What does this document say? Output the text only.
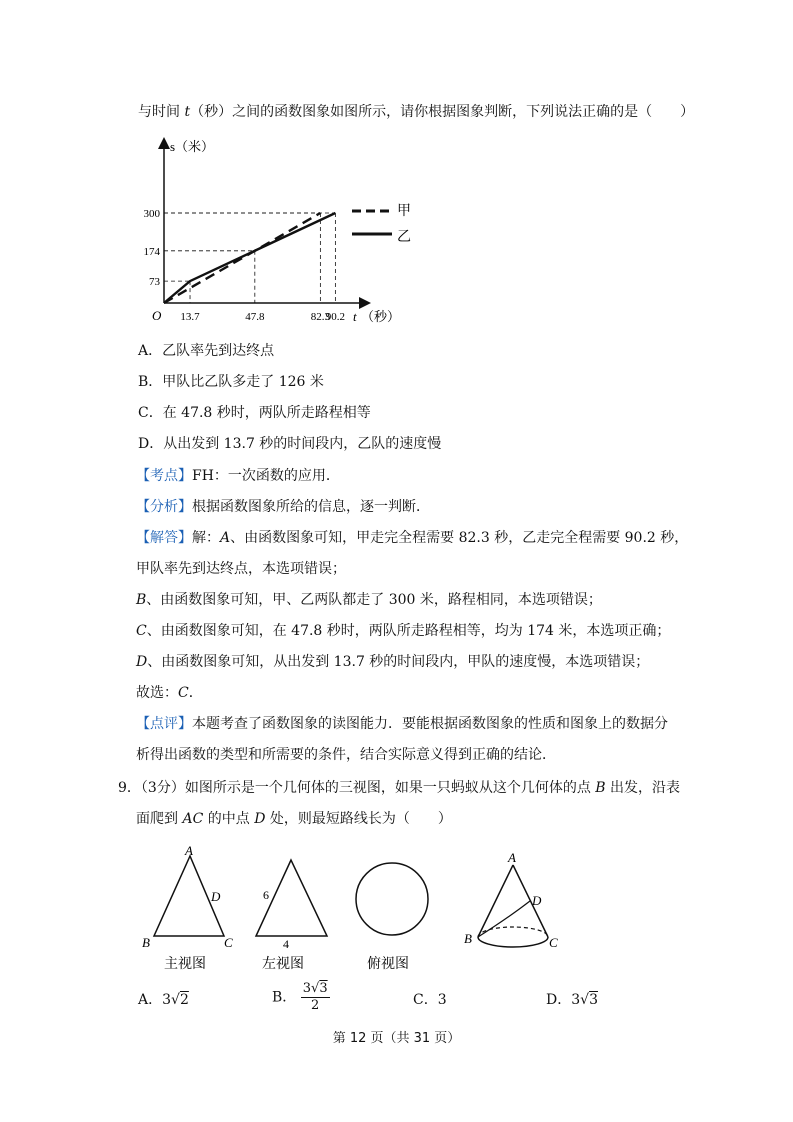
与时间 t（秒）之间的函数图象如图所示，请你根据图象判断，下列说法正确的是（　　）
13.7	47.8	82.3
90.2
300
174
73
s（米）
O	t （秒）
甲
乙
A．乙队率先到达终点
B．甲队比乙队多走了 126 米
C．在 47.8 秒时，两队所走路程相等
D．从出发到 13.7 秒的时间段内，乙队的速度慢
【考点】FH：一次函数的应用．
【分析】根据函数图象所给的信息，逐一判断．
【解答】解：A、由函数图象可知，甲走完全程需要 82.3 秒，乙走完全程需要 90.2 秒，
甲队率先到达终点，本选项错误；
B、由函数图象可知，甲、乙两队都走了 300 米，路程相同，本选项错误；
C、由函数图象可知，在 47.8 秒时，两队所走路程相等，均为 174 米，本选项正确；
D、由函数图象可知，从出发到 13.7 秒的时间段内，甲队的速度慢，本选项错误；
故选：C．
【点评】本题考查了函数图象的读图能力．要能根据函数图象的性质和图象上的数据分
析得出函数的类型和所需要的条件，结合实际意义得到正确的结论．
9．（3分）如图所示是一个几何体的三视图，如果一只蚂蚁从这个几何体的点 B 出发，沿表
面爬到 AC 的中点 D 处，则最短路线长为（　　）
A
D
B	C
主视图
6
4
左视图	俯视图
A
D
B	C
A．3√2	B． $\frac{3√3}{2}$	C．3	D．3√3
第 12 页（共 31 页）
